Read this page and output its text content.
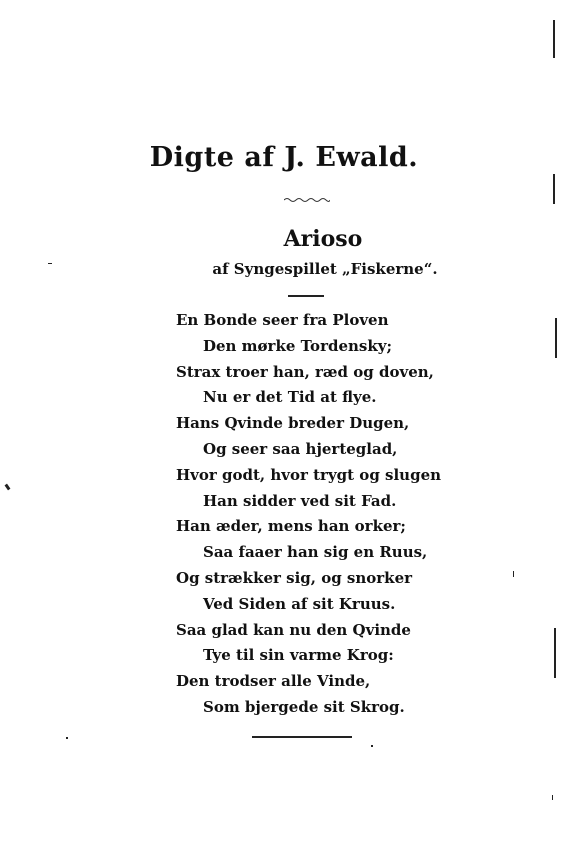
Digte af J. Ewald.
Arioso
af Syngespillet „Fiskerne“.
En Bonde seer fra Ploven
Den mørke Tordensky;
Strax troer han, ræd og doven,
Nu er det Tid at flye.
Hans Qvinde breder Dugen,
Og seer saa hjerteglad,
Hvor godt, hvor trygt og slugen
Han sidder ved sit Fad.
Han æder, mens han orker;
Saa faaer han sig en Ruus,
Og strækker sig, og snorker
Ved Siden af sit Kruus.
Saa glad kan nu den Qvinde
Tye til sin varme Krog:
Den trodser alle Vinde,
Som bjergede sit Skrog.
